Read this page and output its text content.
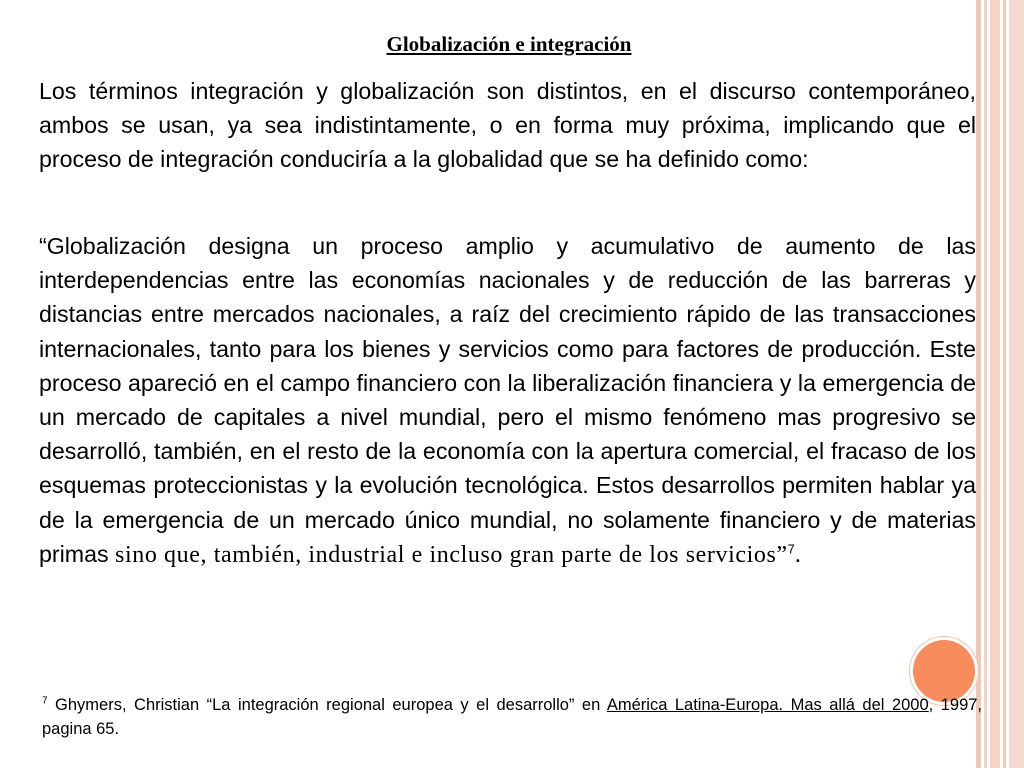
Globalización e integración

Los términos integración y globalización son distintos, en el discurso contemporáneo, ambos se usan, ya sea indistintamente, o en forma muy próxima, implicando que el proceso de integración conduciría a la globalidad que se ha definido como:

“Globalización designa un proceso amplio y acumulativo de aumento de las interdependencias entre las economías nacionales y de reducción de las barreras y distancias entre mercados nacionales, a raíz del crecimiento rápido de las transacciones internacionales, tanto para los bienes y servicios como para factores de producción. Este proceso apareció en el campo financiero con la liberalización financiera y la emergencia de un mercado de capitales a nivel mundial, pero el mismo fenómeno mas progresivo se desarrolló, también, en el resto de la economía con la apertura comercial, el fracaso de los esquemas proteccionistas y la evolución tecnológica. Estos desarrollos permiten hablar ya de la emergencia de un mercado único mundial, no solamente financiero y de materias primas sino que, también, industrial e incluso gran parte de los servicios”$^7$.

$^7$ Ghymers, Christian “La integración regional europea y el desarrollo” en América Latina-Europa. Mas allá del 2000, 1997, pagina 65.
